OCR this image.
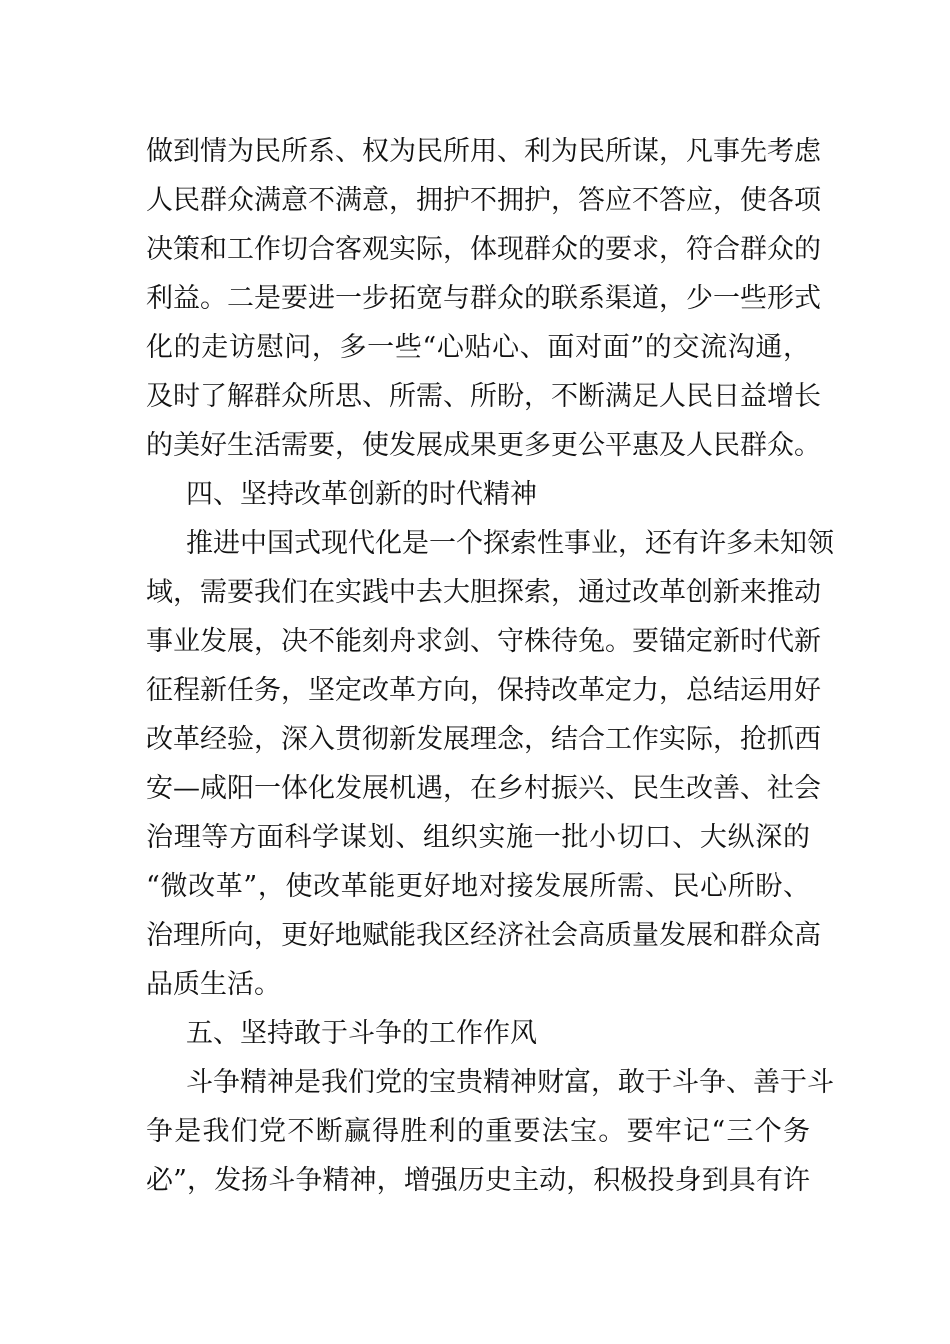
做到情为民所系、权为民所用、利为民所谋，凡事先考虑
人民群众满意不满意，拥护不拥护，答应不答应，使各项
决策和工作切合客观实际，体现群众的要求，符合群众的
利益。二是要进一步拓宽与群众的联系渠道，少一些形式
化的走访慰问，多一些“心贴心、面对面”的交流沟通，
及时了解群众所思、所需、所盼，不断满足人民日益增长
的美好生活需要，使发展成果更多更公平惠及人民群众。
四、坚持改革创新的时代精神
推进中国式现代化是一个探索性事业，还有许多未知领
域，需要我们在实践中去大胆探索，通过改革创新来推动
事业发展，决不能刻舟求剑、守株待兔。要锚定新时代新
征程新任务，坚定改革方向，保持改革定力，总结运用好
改革经验，深入贯彻新发展理念，结合工作实际，抢抓西
安—咸阳一体化发展机遇，在乡村振兴、民生改善、社会
治理等方面科学谋划、组织实施一批小切口、大纵深的
“微改革”，使改革能更好地对接发展所需、民心所盼、
治理所向，更好地赋能我区经济社会高质量发展和群众高
品质生活。
五、坚持敢于斗争的工作作风
斗争精神是我们党的宝贵精神财富，敢于斗争、善于斗
争是我们党不断赢得胜利的重要法宝。要牢记“三个务
必”，发扬斗争精神，增强历史主动，积极投身到具有许
